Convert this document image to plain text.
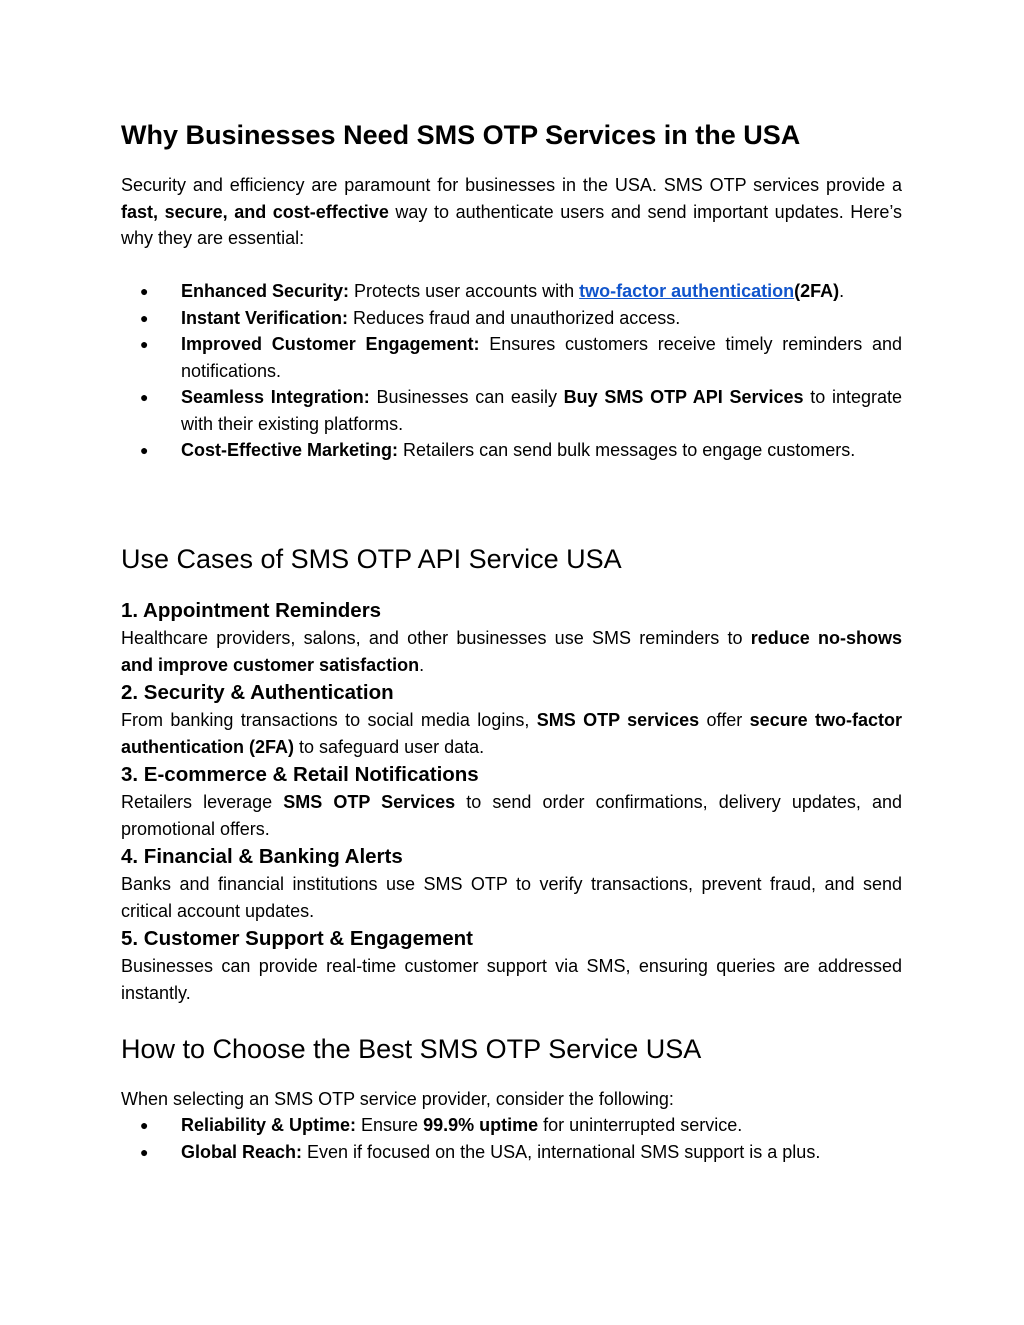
Why Businesses Need SMS OTP Services in the USA

Security and efficiency are paramount for businesses in the USA. SMS OTP services provide a fast, secure, and cost-effective way to authenticate users and send important updates. Here’s why they are essential:

● Enhanced Security: Protects user accounts with two-factor authentication(2FA).
● Instant Verification: Reduces fraud and unauthorized access.
● Improved Customer Engagement: Ensures customers receive timely reminders and notifications.
● Seamless Integration: Businesses can easily Buy SMS OTP API Services to integrate with their existing platforms.
● Cost-Effective Marketing: Retailers can send bulk messages to engage customers.
Use Cases of SMS OTP API Service USA
1. Appointment Reminders

Healthcare providers, salons, and other businesses use SMS reminders to reduce no-shows and improve customer satisfaction.

2. Security & Authentication

From banking transactions to social media logins, SMS OTP services offer secure two-factor authentication (2FA) to safeguard user data.

3. E-commerce & Retail Notifications

Retailers leverage SMS OTP Services to send order confirmations, delivery updates, and promotional offers.

4. Financial & Banking Alerts

Banks and financial institutions use SMS OTP to verify transactions, prevent fraud, and send critical account updates.

5. Customer Support & Engagement

Businesses can provide real-time customer support via SMS, ensuring queries are addressed instantly.

How to Choose the Best SMS OTP Service USA

When selecting an SMS OTP service provider, consider the following:

● Reliability & Uptime: Ensure 99.9% uptime for uninterrupted service.
● Global Reach: Even if focused on the USA, international SMS support is a plus.
